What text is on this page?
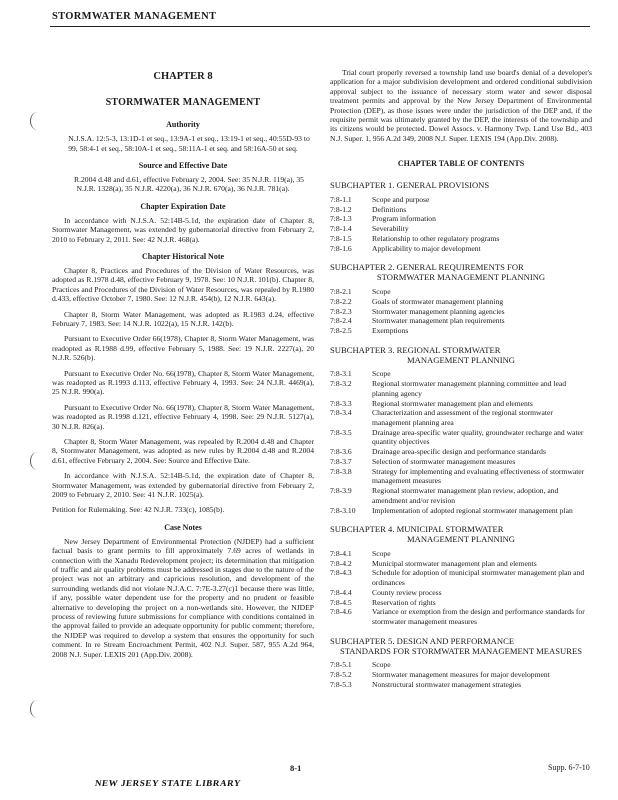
STORMWATER MANAGEMENT
CHAPTER 8
STORMWATER MANAGEMENT
Authority

N.J.S.A. 12:5-3, 13:1D-1 et seq., 13:9A-1 et seq., 13:19-1 et seq., 40:55D-93 to 99, 58:4-1 et seq., 58:10A-1 et seq., 58:11A-1 et seq. and 58:16A-50 et seq.

Source and Effective Date

R.2004 d.48 and d.61, effective February 2, 2004. See: 35 N.J.R. 119(a), 35 N.J.R. 1328(a), 35 N.J.R. 4220(a), 36 N.J.R. 670(a), 36 N.J.R. 781(a).

Chapter Expiration Date

In accordance with N.J.S.A. 52:14B-5.1d, the expiration date of Chapter 8, Stormwater Management, was extended by gubernatorial directive from February 2, 2010 to February 2, 2011. See: 42 N.J.R. 468(a).

Chapter Historical Note

Chapter 8, Practices and Procedures of the Division of Water Resources, was adopted as R.1978 d.48, effective February 9, 1978. See: 10 N.J.R. 101(b). Chapter 8, Practices and Procedures of the Division of Water Resources, was repealed by R.1980 d.433, effective October 7, 1980. See: 12 N.J.R. 454(b), 12 N.J.R. 643(a).

Chapter 8, Storm Water Management, was adopted as R.1983 d.24, effective February 7, 1983. See: 14 N.J.R. 1022(a), 15 N.J.R. 142(b).

Pursuant to Executive Order 66(1978), Chapter 8, Storm Water Management, was readopted as R.1988 d.99, effective February 5, 1988. See: 19 N.J.R. 2227(a), 20 N.J.R. 526(b).

Pursuant to Executive Order No. 66(1978), Chapter 8, Storm Water Management, was readopted as R.1993 d.113, effective February 4, 1993. See: 24 N.J.R. 4469(a), 25 N.J.R. 990(a).

Pursuant to Executive Order No. 66(1978), Chapter 8, Storm Water Management, was readopted as R.1998 d.121, effective February 4, 1998. See: 29 N.J.R. 5127(a), 30 N.J.R. 826(a).

Chapter 8, Storm Water Management, was repealed by R.2004 d.48 and Chapter 8, Stormwater Management, was adopted as new rules by R.2004 d.48 and R.2004 d.61, effective February 2, 2004. See: Source and Effective Date.

In accordance with N.J.S.A. 52:14B-5.1d, the expiration date of Chapter 8, Stormwater Management, was extended by gubernatorial directive from February 2, 2009 to February 2, 2010. See: 41 N.J.R. 1025(a).

Petition for Rulemaking. See: 42 N.J.R. 733(c), 1085(b).

Case Notes

New Jersey Department of Environmental Protection (NJDEP) had a sufficient factual basis to grant permits to fill approximately 7.69 acres of wetlands in connection with the Xanadu Redevelopment project; its determination that mitigation of traffic and air quality problems must be addressed in stages due to the nature of the project was not an arbitrary and capricious resolution, and development of the surrounding wetlands did not violate N.J.A.C. 7:7E-3.27(c)1 because there was little, if any, possible water dependent use for the property and no prudent or feasible alternative to developing the project on a non-wetlands site. However, the NJDEP process of reviewing future submissions for compliance with conditions contained in the approval failed to provide an adequate opportunity for public comment; therefore, the NJDEP was required to develop a system that ensures the opportunity for such comment. In re Stream Encroachment Permit, 402 N.J. Super. 587, 955 A.2d 964, 2008 N.J. Super. LEXIS 201 (App.Div. 2008).

Trial court properly reversed a township land use board's denial of a developer's application for a major subdivision development and ordered conditional subdivision approval subject to the issuance of necessary storm water and sewer disposal treatment permits and approval by the New Jersey Department of Environmental Protection (DEP), as those issues were under the jurisdiction of the DEP and, if the requisite permit was ultimately granted by the DEP, the interests of the township and its citizens would be protected. Dowel Assocs. v. Harmony Twp. Land Use Bd., 403 N.J. Super. 1, 956 A.2d 349, 2008 N.J. Super. LEXIS 194 (App.Div. 2008).

CHAPTER TABLE OF CONTENTS
SUBCHAPTER 1. GENERAL PROVISIONS
7:8-1.1	Scope and purpose
7:8-1.2	Definitions
7:8-1.3	Program information
7:8-1.4	Severability
7:8-1.5	Relationship to other regulatory programs
7:8-1.6	Applicability to major development
SUBCHAPTER 2. GENERAL REQUIREMENTS FOR
STORMWATER MANAGEMENT PLANNING
7:8-2.1	Scope
7:8-2.2	Goals of stormwater management planning
7:8-2.3	Stormwater management planning agencies
7:8-2.4	Stormwater management plan requirements
7:8-2.5	Exemptions
SUBCHAPTER 3. REGIONAL STORMWATER
MANAGEMENT PLANNING
7:8-3.1	Scope
7:8-3.2	Regional stormwater management planning committee and lead planning agency
7:8-3.3	Regional stormwater management plan and elements
7:8-3.4	Characterization and assessment of the regional stormwater management planning area
7:8-3.5	Drainage area-specific water quality, groundwater recharge and water quantity objectives
7:8-3.6	Drainage area-specific design and performance standards
7:8-3.7	Selection of stormwater management measures
7:8-3.8	Strategy for implementing and evaluating effectiveness of stormwater management measures
7:8-3.9	Regional stormwater management plan review, adoption, and amendment and/or revision
7:8-3.10	Implementation of adopted regional stormwater management plan
SUBCHAPTER 4. MUNICIPAL STORMWATER
MANAGEMENT PLANNING
7:8-4.1	Scope
7:8-4.2	Municipal stormwater management plan and elements
7:8-4.3	Schedule for adoption of municipal stormwater management plan and ordinances
7:8-4.4	County review process
7:8-4.5	Reservation of rights
7:8-4.6	Variance or exemption from the design and performance standards for stormwater management measures
SUBCHAPTER 5. DESIGN AND PERFORMANCE
STANDARDS FOR STORMWATER MANAGEMENT MEASURES
7:8-5.1	Scope
7:8-5.2	Stormwater management measures for major development
7:8-5.3	Nonstructural stormwater management strategies
8-1	Supp. 6-7-10
NEW JERSEY STATE LIBRARY
